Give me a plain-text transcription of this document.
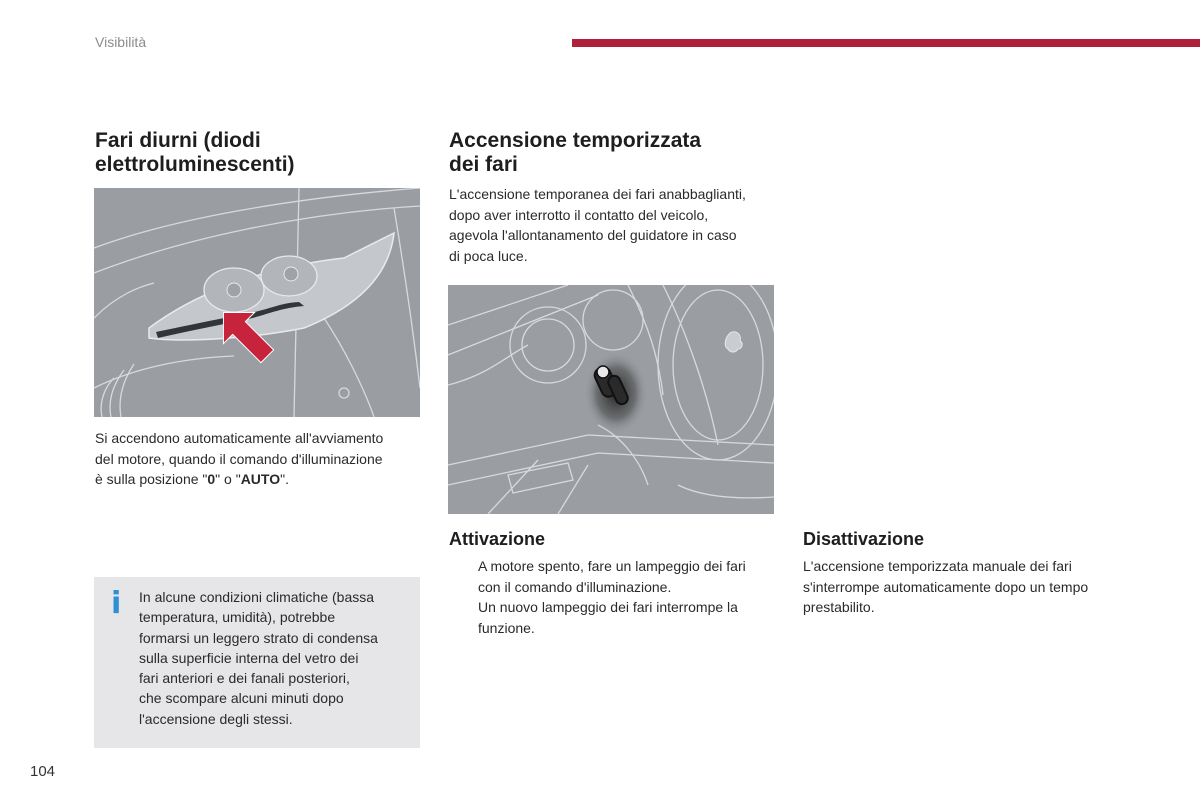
Visibilità
Fari diurni (diodi
elettroluminescenti)
Si accendono automaticamente all'avviamento
del motore, quando il comando d'illuminazione
è sulla posizione "0" o "AUTO".
i In alcune condizioni climatiche (bassa
temperatura, umidità), potrebbe
formarsi un leggero strato di condensa
sulla superficie interna del vetro dei
fari anteriori e dei fanali posteriori,
che scompare alcuni minuti dopo
l'accensione degli stessi.
Accensione temporizzata
dei fari
L'accensione temporanea dei fari anabbaglianti,
dopo aver interrotto il contatto del veicolo,
agevola l'allontanamento del guidatore in caso
di poca luce.
Attivazione
A motore spento, fare un lampeggio dei fari
con il comando d'illuminazione.
Un nuovo lampeggio dei fari interrompe la
funzione.
Disattivazione
L'accensione temporizzata manuale dei fari
s'interrompe automaticamente dopo un tempo
prestabilito.
104
